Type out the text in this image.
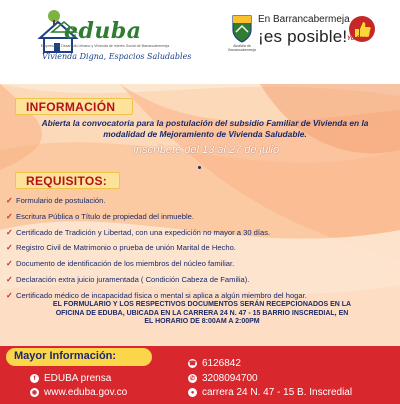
eduba
Empresa de Desarrollo Urbano y Vivienda de Interés Social de Barrancabermeja
Vivienda Digna, Espacios Saludables
Alcaldía de Barrancabermeja
En Barrancabermeja
¡es posible! Yo Creo
INFORMACIÓN
Abierta la convocatoria para la postulación del subsidio Familiar de Vivienda en la modalidad de Mejoramiento de Vivienda Saludable.
Inscríbete del 13 al 27 de julio
REQUISITOS:
✓ Formulario de postulación.
✓ Escritura Pública o Título de propiedad del inmueble.
✓ Certificado de Tradición y Libertad, con una expedición no mayor a 30 días.
✓ Registro Civil de Matrimonio o prueba de unión Marital de Hecho.
✓ Documento de identificación de los miembros del núcleo familiar.
✓ Declaración extra juicio juramentada ( Condición Cabeza de Familia).
✓ Certificado médico de incapacidad física o mental si aplica a algún miembro del hogar.
EL FORMULARIO Y LOS RESPECTIVOS DOCUMENTOS SERÁN RECEPCIONADOS EN LA OFICINA DE EDUBA, UBICADA EN LA CARRERA 24 N. 47 - 15 BARRIO INSCREDIAL, EN EL HORARIO DE 8:00AM A 2:00PM
Mayor Información:
f EDUBA prensa
◉ www.eduba.gov.co
☎ 6126842
✆ 3208094700
● carrera 24 N. 47 - 15 B. Inscredial
